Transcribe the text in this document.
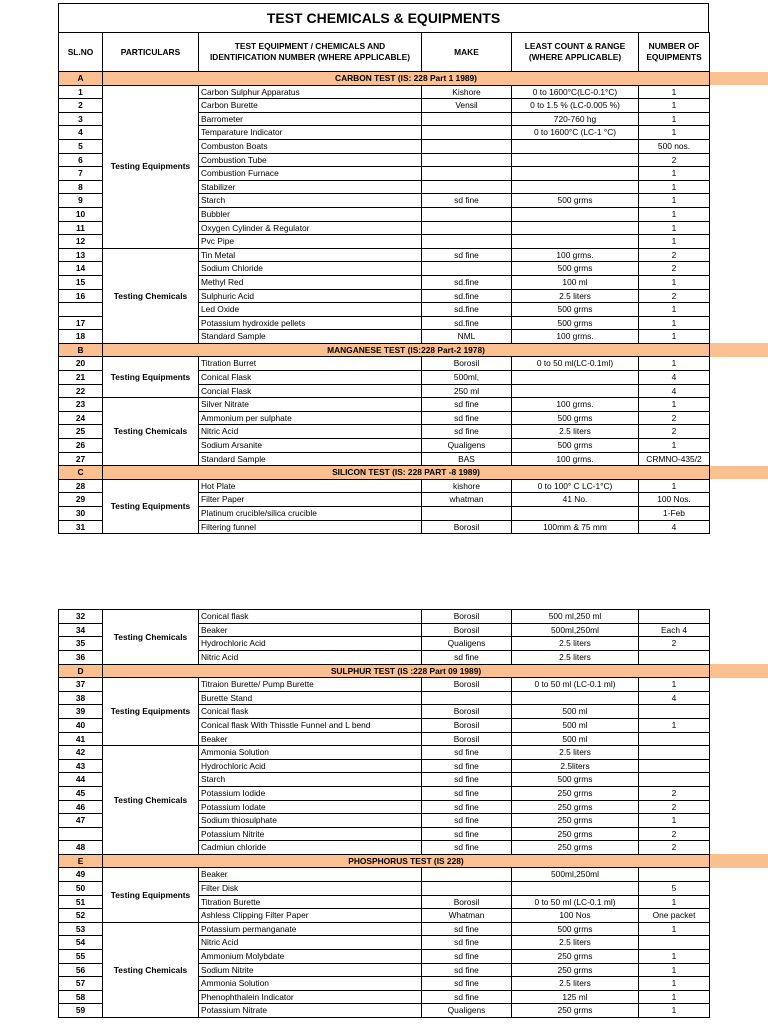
TEST CHEMICALS & EQUIPMENTS
SL.NO	PARTICULARS	TEST EQUIPMENT / CHEMICALS AND IDENTIFICATION NUMBER (WHERE APPLICABLE)	MAKE	LEAST COUNT & RANGE (WHERE APPLICABLE)	NUMBER OF EQUIPMENTS	
A	CARBON TEST (IS: 228 Part 1 1989)					
1	Testing Equipments	Carbon Sulphur Apparatus	Kishore	0 to 1600°C(LC-0.1°C)	1	
2		Carbon Burette	Vensil	0 to 1.5 % (LC-0.005 %)	1	
3		Barrometer		720-760 hg	1	
4		Temparature Indicator		0 to 1600°C (LC-1 °C)	1	
5		Combuston Boats			500 nos.	
6		Combustion Tube			2	
7		Combustion Furnace			1	
8		Stabilizer			1	
9		Starch	sd fine	500 grms	1	
10		Bubbler			1	
11		Oxygen Cylinder & Regulator			1	
12		Pvc Pipe			1	
13	Testing Chemicals	Tin Metal	sd fine	100 grms.	2	
14		Sodium Chloride		500 grms	2	
15		Methyl Red	sd.fine	100 ml	1	
16		Sulphuric Acid	sd.fine	2.5 liters	2	
		Led Oxide	sd.fine	500 grms	1	
17		Potassium hydroxide pellets	sd.fine	500 grms	1	
18		Standard Sample	NML	100 grms.	1	
B	MANGANESE TEST (IS:228 Part-2 1978)					
20	Testing Equipments	Titration Burret	Borosil	0 to 50 ml(LC-0.1ml)	1	
21		Conical Flask	500ml,		4	
22		Concial Flask	250 ml		4	
23	Testing Chemicals	Silver Nitrate	sd fine	100 grms.	1	
24		Ammonium per sulphate	sd fine	500 grms	2	
25		Nitric Acid	sd fine	2.5 liters	2	
26		Sodium Arsanite	Qualigens	500 grms	1	
27		Standard Sample	BAS	100 grms.	CRMNO-435/2	
C	SILICON TEST (IS: 228 PART -8 1989)					
28	Testing Equipments	Hot Plate	kishore	0 to 100° C LC-1°C)	1	
29		Filter Paper	whatman	41 No.	100 Nos.	
30		Platinum crucible/silica crucible			1-Feb	
31		Filtering funnel	Borosil	100mm & 75 mm	4	
32	Testing Chemicals	Conical flask	Borosil	500 ml,250 ml		
34		Beaker	Borosil	500ml,250ml	Each 4	
35		Hydrochloric Acid	Qualigens	2.5 liters	2	
36		Nitric Acid	sd fine	2.5 liters		
D	SULPHUR TEST (IS :228 Part 09 1989)					
37	Testing Equipments	Titraion Burette/ Pump Burette	Borosil	0 to 50 ml (LC-0.1 ml)	1	
38		Burette Stand			4	
39		Conical flask	Borosil	500 ml		
40		Conical flask With Thisstle Funnel and L bend	Borosil	500 ml	1	
41		Beaker	Borosil	500 ml		
42	Testing Chemicals	Ammonia Solution	sd fine	2.5 liters		
43		Hydrochloric Acid	sd fine	2.5liters		
44		Starch	sd fine	500 grms		
45		Potassium Iodide	sd fine	250 grms	2	
46		Potassium Iodate	sd fine	250 grms	2	
47		Sodium thiosulphate	sd fine	250 grms	1	
		Potassium Nitrite	sd fine	250 grms	2	
48		Cadmiun chloride	sd fine	250 grms	2	
E	PHOSPHORUS TEST (IS 228)					
49	Testing Equipments	Beaker		500ml,250ml		
50		Filter Disk			5	
51		Titration Burette	Borosil	0 to 50 ml (LC-0.1 ml)	1	
52		Ashless Clipping Filter Paper	Whatman	100 Nos	One packet	
53	Testing Chemicals	Potassium permanganate	sd fine	500 grms	1	
54		Nitric Acid	sd fine	2.5 liters		
55		Ammonium Molybdate	sd fine	250 grms	1	
56		Sodium Nitrite	sd fine	250 grms	1	
57		Ammonia Solution	sd fine	2.5 liters	1	
58		Phenophthalein Indicator	sd fine	125 ml	1	
59		Potassium Nitrate	Qualigens	250 grms	1	
